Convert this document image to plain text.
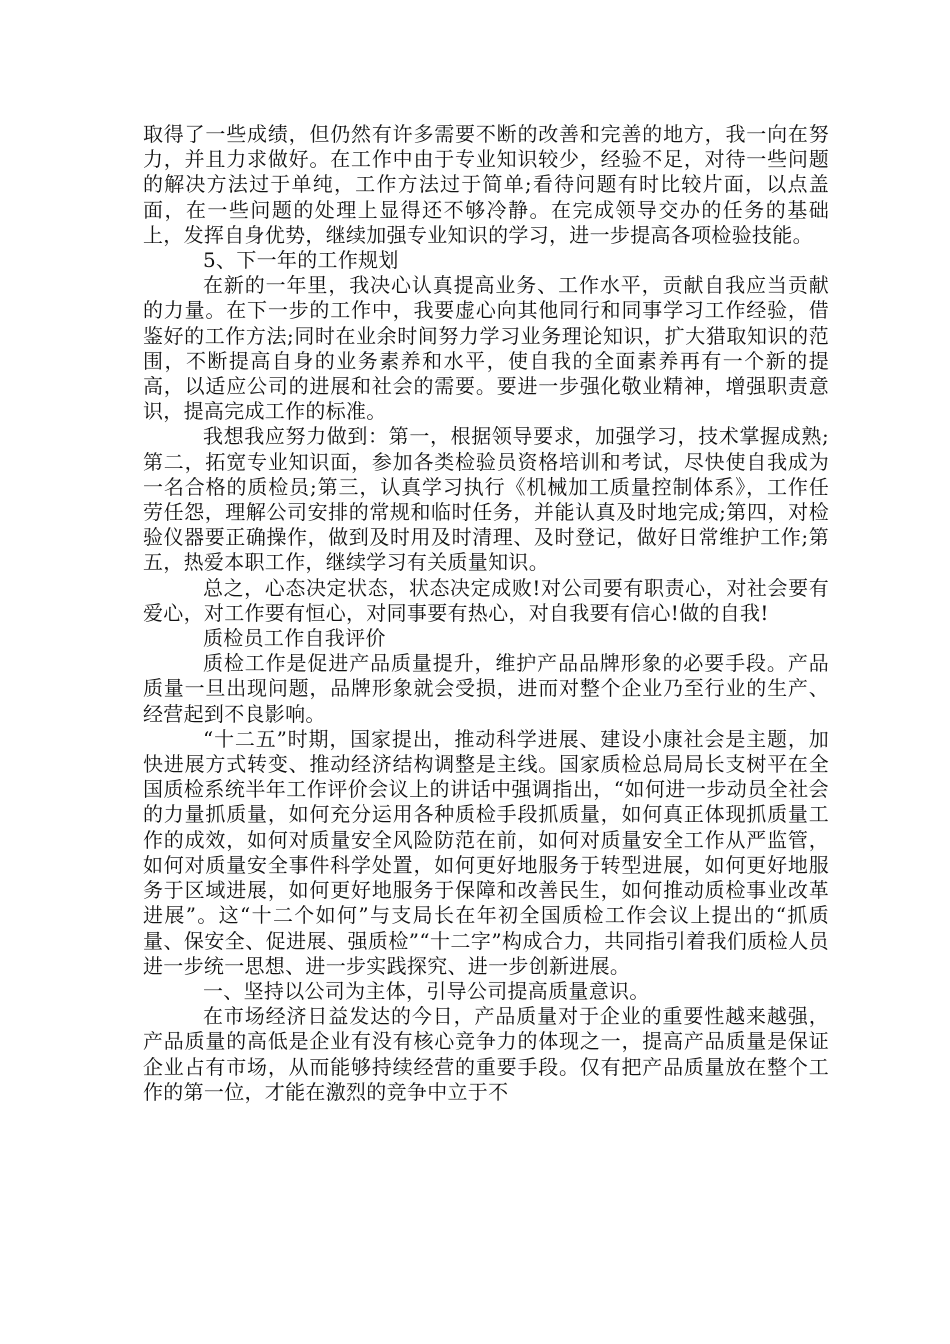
取得了一些成绩，但仍然有许多需要不断的改善和完善的地方，我一向在努力，并且力求做好。在工作中由于专业知识较少，经验不足，对待一些问题的解决方法过于单纯，工作方法过于简单;看待问题有时比较片面，以点盖面，在一些问题的处理上显得还不够冷静。在完成领导交办的任务的基础上，发挥自身优势，继续加强专业知识的学习，进一步提高各项检验技能。

5、下一年的工作规划

在新的一年里，我决心认真提高业务、工作水平，贡献自我应当贡献的力量。在下一步的工作中，我要虚心向其他同行和同事学习工作经验，借鉴好的工作方法;同时在业余时间努力学习业务理论知识，扩大猎取知识的范围，不断提高自身的业务素养和水平，使自我的全面素养再有一个新的提高，以适应公司的进展和社会的需要。要进一步强化敬业精神，增强职责意识，提高完成工作的标准。

我想我应努力做到：第一，根据领导要求，加强学习，技术掌握成熟;第二，拓宽专业知识面，参加各类检验员资格培训和考试，尽快使自我成为一名合格的质检员;第三，认真学习执行《机械加工质量控制体系》，工作任劳任怨，理解公司安排的常规和临时任务，并能认真及时地完成;第四，对检验仪器要正确操作，做到及时用及时清理、及时登记，做好日常维护工作;第五，热爱本职工作，继续学习有关质量知识。

总之，心态决定状态，状态决定成败!对公司要有职责心，对社会要有爱心，对工作要有恒心，对同事要有热心，对自我要有信心!做的自我!

质检员工作自我评价

质检工作是促进产品质量提升，维护产品品牌形象的必要手段。产品质量一旦出现问题，品牌形象就会受损，进而对整个企业乃至行业的生产、经营起到不良影响。

“十二五”时期，国家提出，推动科学进展、建设小康社会是主题，加快进展方式转变、推动经济结构调整是主线。国家质检总局局长支树平在全国质检系统半年工作评价会议上的讲话中强调指出，“如何进一步动员全社会的力量抓质量，如何充分运用各种质检手段抓质量，如何真正体现抓质量工作的成效，如何对质量安全风险防范在前，如何对质量安全工作从严监管，如何对质量安全事件科学处置，如何更好地服务于转型进展，如何更好地服务于区域进展，如何更好地服务于保障和改善民生，如何推动质检事业改革进展”。这“十二个如何”与支局长在年初全国质检工作会议上提出的“抓质量、保安全、促进展、强质检”“十二字”构成合力，共同指引着我们质检人员进一步统一思想、进一步实践探究、进一步创新进展。

一、坚持以公司为主体，引导公司提高质量意识。

在市场经济日益发达的今日，产品质量对于企业的重要性越来越强，产品质量的高低是企业有没有核心竞争力的体现之一，提高产品质量是保证企业占有市场，从而能够持续经营的重要手段。仅有把产品质量放在整个工作的第一位，才能在激烈的竞争中立于不
